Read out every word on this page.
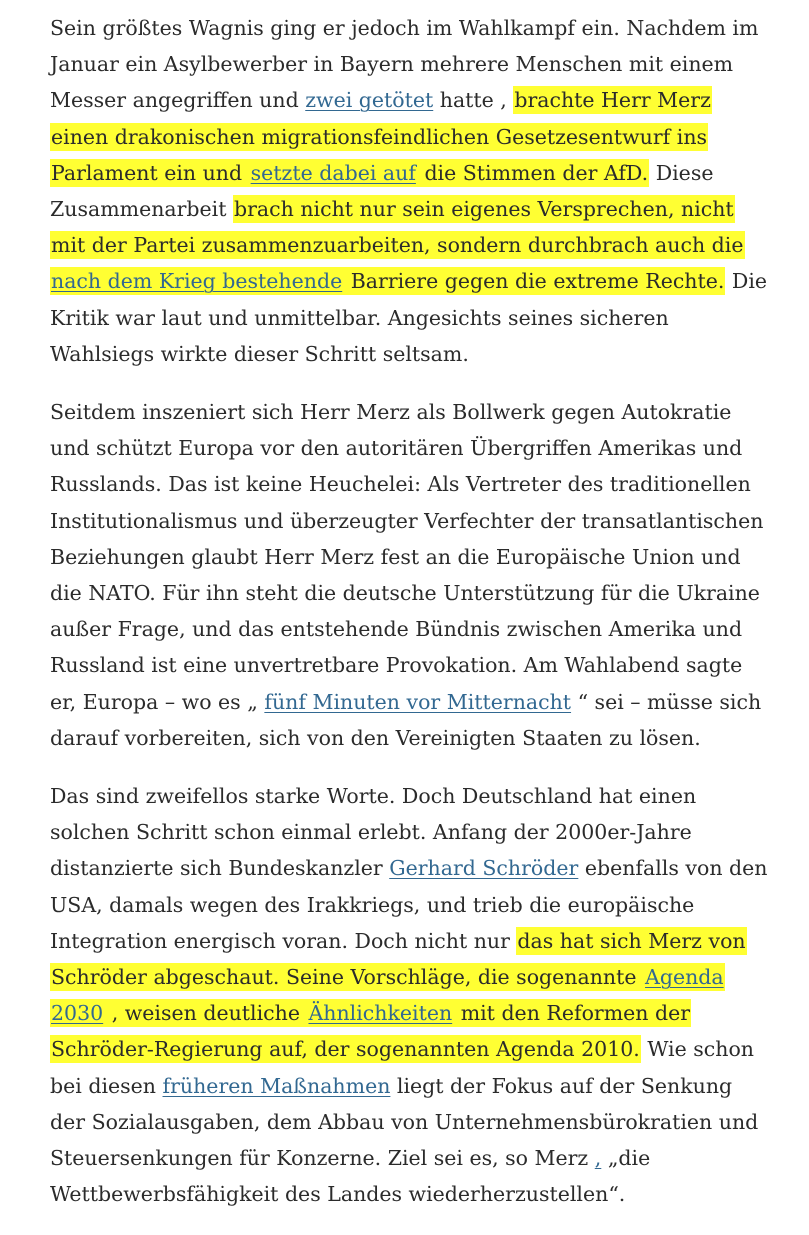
Sein größtes Wagnis ging er jedoch im Wahlkampf ein. Nachdem im Januar ein Asylbewerber in Bayern mehrere Menschen mit einem Messer angegriffen und zwei getötet hatte , brachte Herr Merz einen drakonischen migrationsfeindlichen Gesetzesentwurf ins Parlament ein und setzte dabei auf die Stimmen der AfD. Diese Zusammenarbeit brach nicht nur sein eigenes Versprechen, nicht mit der Partei zusammenzuarbeiten, sondern durchbrach auch die nach dem Krieg bestehende Barriere gegen die extreme Rechte. Die Kritik war laut und unmittelbar. Angesichts seines sicheren Wahlsiegs wirkte dieser Schritt seltsam.

Seitdem inszeniert sich Herr Merz als Bollwerk gegen Autokratie und schützt Europa vor den autoritären Übergriffen Amerikas und Russlands. Das ist keine Heuchelei: Als Vertreter des traditionellen Institutionalismus und überzeugter Verfechter der transatlantischen Beziehungen glaubt Herr Merz fest an die Europäische Union und die NATO. Für ihn steht die deutsche Unterstützung für die Ukraine außer Frage, und das entstehende Bündnis zwischen Amerika und Russland ist eine unvertretbare Provokation. Am Wahlabend sagte er, Europa – wo es „ fünf Minuten vor Mitternacht “ sei – müsse sich darauf vorbereiten, sich von den Vereinigten Staaten zu lösen.

Das sind zweifellos starke Worte. Doch Deutschland hat einen solchen Schritt schon einmal erlebt. Anfang der 2000er-Jahre distanzierte sich Bundeskanzler Gerhard Schröder ebenfalls von den USA, damals wegen des Irakkriegs, und trieb die europäische Integration energisch voran. Doch nicht nur das hat sich Merz von Schröder abgeschaut. Seine Vorschläge, die sogenannte Agenda 2030 , weisen deutliche Ähnlichkeiten mit den Reformen der Schröder-Regierung auf, der sogenannten Agenda 2010. Wie schon bei diesen früheren Maßnahmen liegt der Fokus auf der Senkung der Sozialausgaben, dem Abbau von Unternehmensbürokratien und Steuersenkungen für Konzerne. Ziel sei es, so Merz , „die Wettbewerbsfähigkeit des Landes wiederherzustellen“.
